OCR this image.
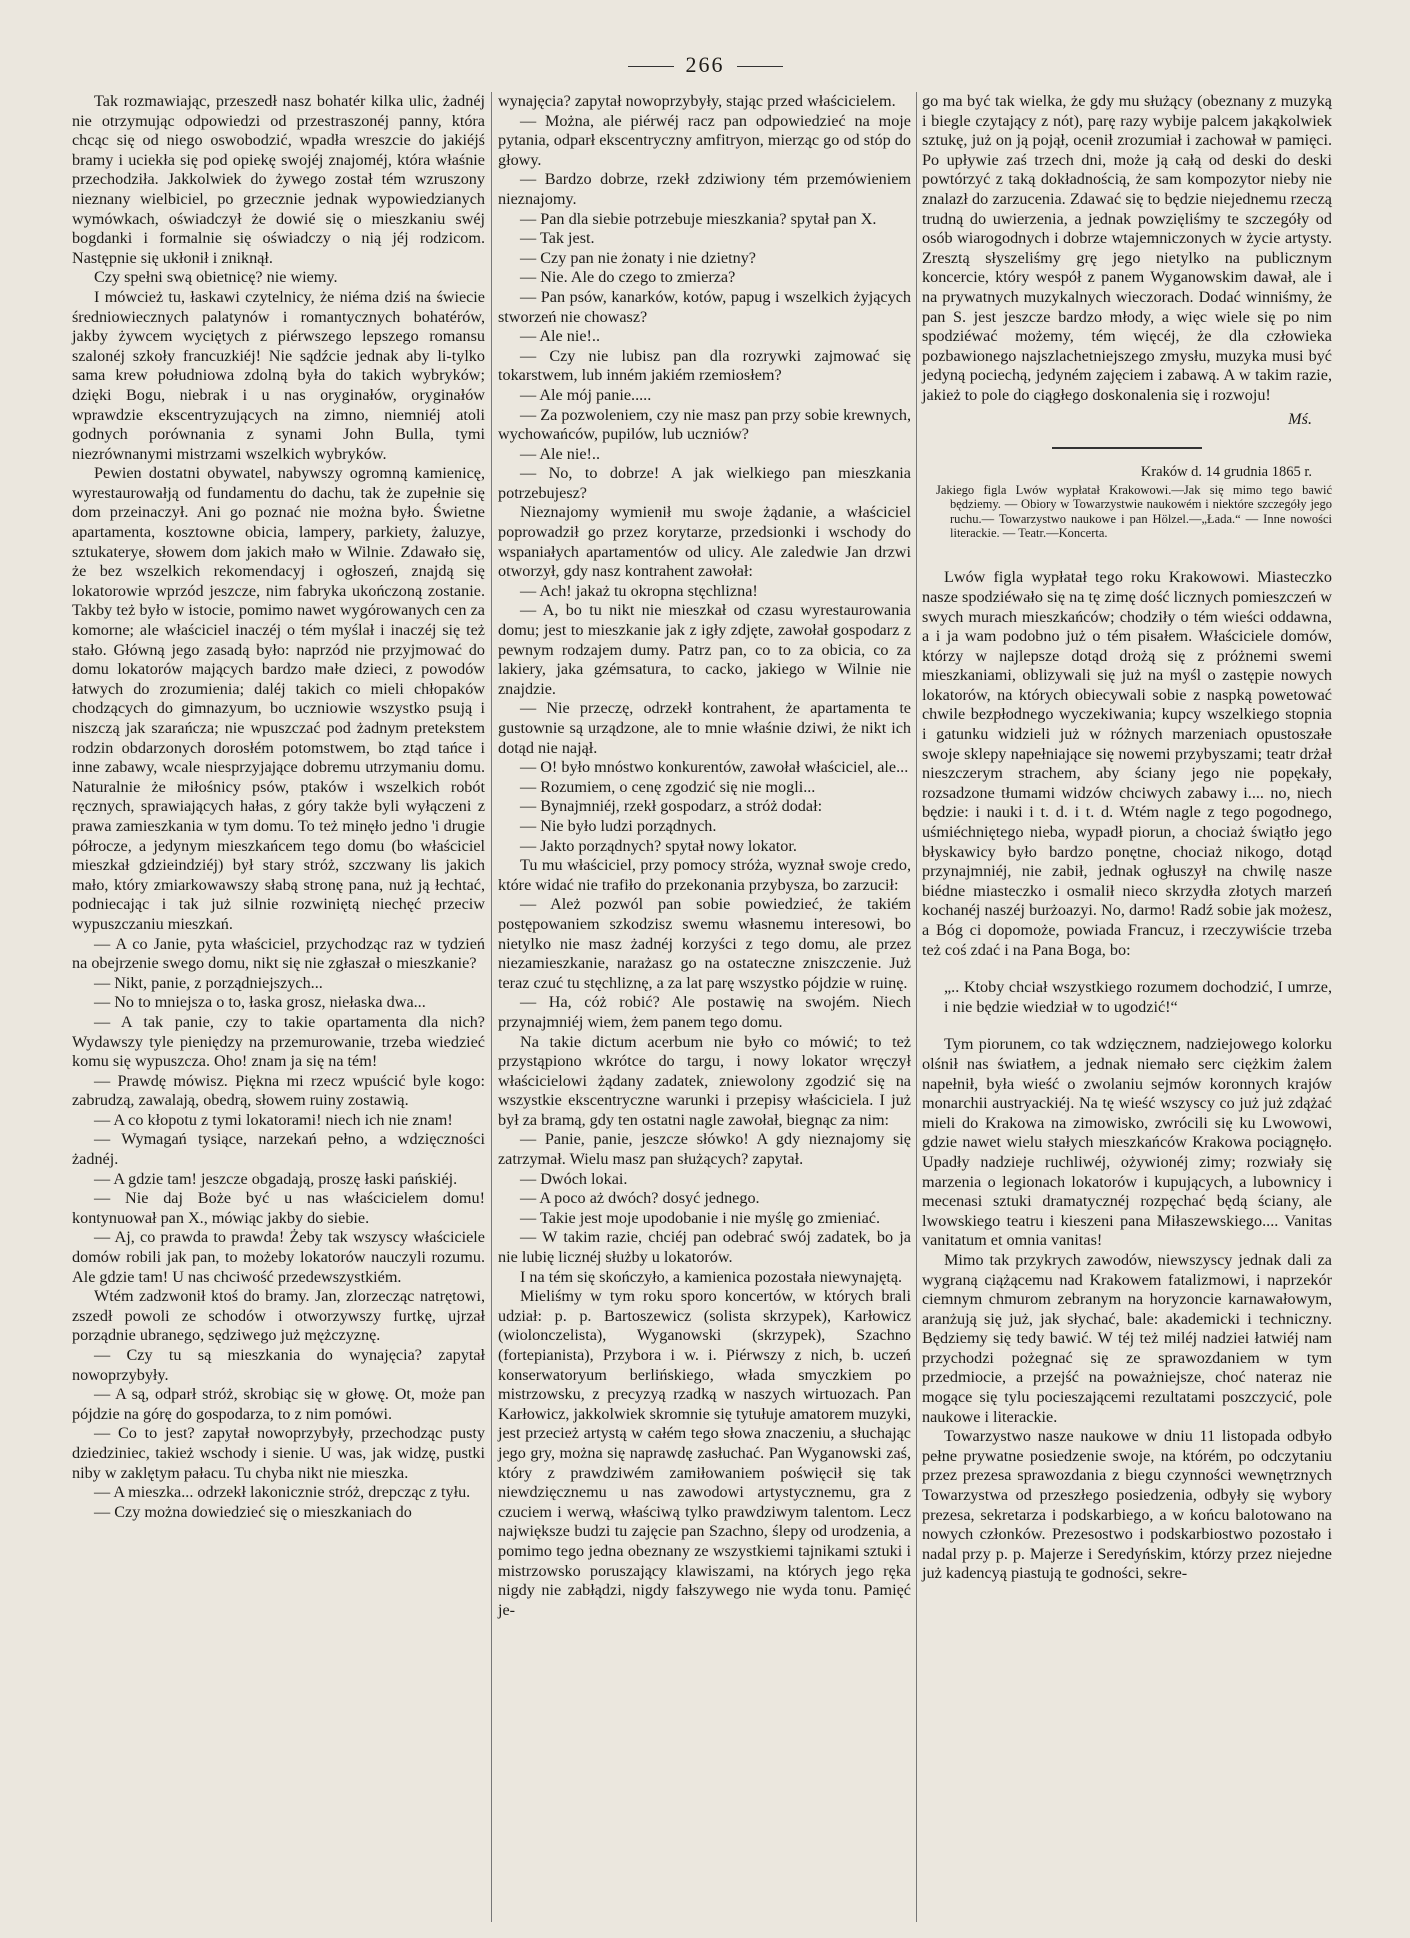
266

Tak rozmawiając, przeszedł nasz bohatér kilka ulic, żadnéj nie otrzymując odpowiedzi od przestraszonéj panny, która chcąc się od niego oswobodzić, wpadła wreszcie do jakiéjś bramy i uciekła się pod opiekę swojéj znajoméj, która właśnie przechodziła. Jakkolwiek do żywego został tém wzruszony nieznany wielbiciel, po grzecznie jednak wypowiedzianych wymówkach, oświadczył że dowié się o mieszkaniu swéj bogdanki i formalnie się oświadczy o nią jéj rodzicom. Następnie się ukłonił i zniknął.

Czy spełni swą obietnicę? nie wiemy.

I mówcież tu, łaskawi czytelnicy, że niéma dziś na świecie średniowiecznych palatynów i romantycznych bohatérów, jakby żywcem wyciętych z piérwszego lepszego romansu szalonéj szkoły francuzkiéj! Nie sądźcie jednak aby li-tylko sama krew południowa zdolną była do takich wybryków; dzięki Bogu, niebrak i u nas oryginałów, oryginałów wprawdzie ekscentryzujących na zimno, niemniéj atoli godnych porównania z synami John Bulla, tymi niezrównanymi mistrzami wszelkich wybryków.

Pewien dostatni obywatel, nabywszy ogromną kamienicę, wyrestaurowałją od fundamentu do dachu, tak że zupełnie się dom przeinaczył. Ani go poznać nie można było. Świetne apartamenta, kosztowne obicia, lampery, parkiety, żaluzye, sztukaterye, słowem dom jakich mało w Wilnie. Zdawało się, że bez wszelkich rekomendacyj i ogłoszeń, znajdą się lokatorowie wprzód jeszcze, nim fabryka ukończoną zostanie. Takby też było w istocie, pomimo nawet wygórowanych cen za komorne; ale właściciel inaczéj o tém myślał i inaczéj się też stało. Główną jego zasadą było: naprzód nie przyjmować do domu lokatorów mających bardzo małe dzieci, z powodów łatwych do zrozumienia; daléj takich co mieli chłopaków chodzących do gimnazyum, bo uczniowie wszystko psują i niszczą jak szarańcza; nie wpuszczać pod żadnym pretekstem rodzin obdarzonych dorosłém potomstwem, bo ztąd tańce i inne zabawy, wcale niesprzyjające dobremu utrzymaniu domu. Naturalnie że miłośnicy psów, ptaków i wszelkich robót ręcznych, sprawiających hałas, z góry także byli wyłączeni z prawa zamieszkania w tym domu. To też minęło jedno 'i drugie półrocze, a jedynym mieszkańcem tego domu (bo właściciel mieszkał gdzieindziéj) był stary stróż, szczwany lis jakich mało, który zmiarkowawszy słabą stronę pana, nuż ją łechtać, podniecając i tak już silnie rozwiniętą niechęć przeciw wypuszczaniu mieszkań.

— A co Janie, pyta właściciel, przychodząc raz w tydzień na obejrzenie swego domu, nikt się nie zgłaszał o mieszkanie?

— Nikt, panie, z porządniejszych...

— No to mniejsza o to, łaska grosz, niełaska dwa...

— A tak panie, czy to takie opartamenta dla nich? Wydawszy tyle pieniędzy na przemurowanie, trzeba wiedzieć komu się wypuszcza. Oho! znam ja się na tém!

— Prawdę mówisz. Piękna mi rzecz wpuścić byle kogo: zabrudzą, zawalają, obedrą, słowem ruiny zostawią.

— A co kłopotu z tymi lokatorami! niech ich nie znam!

— Wymagań tysiące, narzekań pełno, a wdzięczności żadnéj.

— A gdzie tam! jeszcze obgadają, proszę łaski pańskiéj.

— Nie daj Boże być u nas właścicielem domu! kontynuował pan X., mówiąc jakby do siebie.

— Aj, co prawda to prawda! Żeby tak wszyscy właściciele domów robili jak pan, to możeby lokatorów nauczyli rozumu. Ale gdzie tam! U nas chciwość przedewszystkiém.

Wtém zadzwonił ktoś do bramy. Jan, zlorzecząc natrętowi, zszedł powoli ze schodów i otworzywszy furtkę, ujrzał porządnie ubranego, sędziwego już mężczyznę.

— Czy tu są mieszkania do wynajęcia? zapytał nowoprzybyły.

— A są, odparł stróż, skrobiąc się w głowę. Ot, może pan pójdzie na górę do gospodarza, to z nim pomówi.

— Co to jest? zapytał nowoprzybyły, przechodząc pusty dziedziniec, takież wschody i sienie. U was, jak widzę, pustki niby w zaklętym pałacu. Tu chyba nikt nie mieszka.

— A mieszka... odrzekł lakonicznie stróż, drepcząc z tyłu.

— Czy można dowiedzieć się o mieszkaniach do

wynajęcia? zapytał nowoprzybyły, stając przed właścicielem.

— Można, ale piérwéj racz pan odpowiedzieć na moje pytania, odparł ekscentryczny amfitryon, mierząc go od stóp do głowy.

— Bardzo dobrze, rzekł zdziwiony tém przemówieniem nieznajomy.

— Pan dla siebie potrzebuje mieszkania? spytał pan X.

— Tak jest.

— Czy pan nie żonaty i nie dzietny?

— Nie. Ale do czego to zmierza?

— Pan psów, kanarków, kotów, papug i wszelkich żyjących stworzeń nie chowasz?

— Ale nie!..

— Czy nie lubisz pan dla rozrywki zajmować się tokarstwem, lub inném jakiém rzemiosłem?

— Ale mój panie.....

— Za pozwoleniem, czy nie masz pan przy sobie krewnych, wychowańców, pupilów, lub uczniów?

— Ale nie!..

— No, to dobrze! A jak wielkiego pan mieszkania potrzebujesz?

Nieznajomy wymienił mu swoje żądanie, a właściciel poprowadził go przez korytarze, przedsionki i wschody do wspaniałych apartamentów od ulicy. Ale zaledwie Jan drzwi otworzył, gdy nasz kontrahent zawołał:

— Ach! jakaż tu okropna stęchlizna!

— A, bo tu nikt nie mieszkał od czasu wyrestaurowania domu; jest to mieszkanie jak z igły zdjęte, zawołał gospodarz z pewnym rodzajem dumy. Patrz pan, co to za obicia, co za lakiery, jaka gzémsatura, to cacko, jakiego w Wilnie nie znajdzie.

— Nie przeczę, odrzekł kontrahent, że apartamenta te gustownie są urządzone, ale to mnie właśnie dziwi, że nikt ich dotąd nie najął.

— O! było mnóstwo konkurentów, zawołał właściciel, ale...

— Rozumiem, o cenę zgodzić się nie mogli...

— Bynajmniéj, rzekł gospodarz, a stróż dodał:

— Nie było ludzi porządnych.

— Jakto porządnych? spytał nowy lokator.

Tu mu właściciel, przy pomocy stróża, wyznał swoje credo, które widać nie trafiło do przekonania przybysza, bo zarzucił:

— Ależ pozwól pan sobie powiedzieć, że takiém postępowaniem szkodzisz swemu własnemu interesowi, bo nietylko nie masz żadnéj korzyści z tego domu, ale przez niezamieszkanie, narażasz go na ostateczne zniszczenie. Już teraz czuć tu stęchliznę, a za lat parę wszystko pójdzie w ruinę.

— Ha, cóż robić? Ale postawię na swojém. Niech przynajmniéj wiem, żem panem tego domu.

Na takie dictum acerbum nie było co mówić; to też przystąpiono wkrótce do targu, i nowy lokator wręczył właścicielowi żądany zadatek, zniewolony zgodzić się na wszystkie ekscentryczne warunki i przepisy właściciela. I już był za bramą, gdy ten ostatni nagle zawołał, biegnąc za nim:

— Panie, panie, jeszcze słówko! A gdy nieznajomy się zatrzymał. Wielu masz pan służących? zapytał.

— Dwóch lokai.

— A poco aż dwóch? dosyć jednego.

— Takie jest moje upodobanie i nie myślę go zmieniać.

— W takim razie, chciéj pan odebrać swój zadatek, bo ja nie lubię licznéj służby u lokatorów.

I na tém się skończyło, a kamienica pozostała niewynajętą.

Mieliśmy w tym roku sporo koncertów, w których brali udział: p. p. Bartoszewicz (solista skrzypek), Karłowicz (wiolonczelista), Wyganowski (skrzypek), Szachno (fortepianista), Przybora i w. i. Piérwszy z nich, b. uczeń konserwatoryum berlińskiego, włada smyczkiem po mistrzowsku, z precyzyą rzadką w naszych wirtuozach. Pan Karłowicz, jakkolwiek skromnie się tytułuje amatorem muzyki, jest przecież artystą w całém tego słowa znaczeniu, a słuchając jego gry, można się naprawdę zasłuchać. Pan Wyganowski zaś, który z prawdziwém zamiłowaniem poświęcił się tak niewdzięcznemu u nas zawodowi artystycznemu, gra z czuciem i werwą, właściwą tylko prawdziwym talentom. Lecz największe budzi tu zajęcie pan Szachno, ślepy od urodzenia, a pomimo tego jedna obeznany ze wszystkiemi tajnikami sztuki i mistrzowsko poruszający klawiszami, na których jego ręka nigdy nie zabłądzi, nigdy fałszywego nie wyda tonu. Pamięć je-

go ma być tak wielka, że gdy mu służący (obeznany z muzyką i biegle czytający z nót), parę razy wybije palcem jakąkolwiek sztukę, już on ją pojął, ocenił zrozumiał i zachował w pamięci. Po upływie zaś trzech dni, może ją całą od deski do deski powtórzyć z taką dokładnością, że sam kompozytor nieby nie znalazł do zarzucenia. Zdawać się to będzie niejednemu rzeczą trudną do uwierzenia, a jednak powzięliśmy te szczegóły od osób wiarogodnych i dobrze wtajemniczonych w życie artysty. Zresztą słyszeliśmy grę jego nietylko na publicznym koncercie, który wespół z panem Wyganowskim dawał, ale i na prywatnych muzykalnych wieczorach. Dodać winniśmy, że pan S. jest jeszcze bardzo młody, a więc wiele się po nim spodziéwać możemy, tém więcéj, że dla człowieka pozbawionego najszlachetniejszego zmysłu, muzyka musi być jedyną pociechą, jedyném zajęciem i zabawą. A w takim razie, jakież to pole do ciągłego doskonalenia się i rozwoju!

Mś.
Kraków d. 14 grudnia 1865 r.

Jakiego figla Lwów wypłatał Krakowowi.—Jak się mimo tego bawić będziemy. — Obiory w Towarzystwie naukowém i niektóre szczegóły jego ruchu.— Towarzystwo naukowe i pan Hölzel.—„Łada.“ — Inne nowości literackie. — Teatr.—Koncerta.

Lwów figla wypłatał tego roku Krakowowi. Miasteczko nasze spodziéwało się na tę zimę dość licznych pomieszczeń w swych murach mieszkańców; chodziły o tém wieści oddawna, a i ja wam podobno już o tém pisałem. Właściciele domów, którzy w najlepsze dotąd drożą się z próżnemi swemi mieszkaniami, oblizywali się już na myśl o zastępie nowych lokatorów, na których obiecywali sobie z naspką powetować chwile bezpłodnego wyczekiwania; kupcy wszelkiego stopnia i gatunku widzieli już w różnych marzeniach opustoszałe swoje sklepy napełniające się nowemi przybyszami; teatr drżał nieszczerym strachem, aby ściany jego nie popękały, rozsadzone tłumami widzów chciwych zabawy i.... no, niech będzie: i nauki i t. d. i t. d. Wtém nagle z tego pogodnego, uśmiéchniętego nieba, wypadł piorun, a chociaż świątło jego błyskawicy było bardzo ponętne, chociaż nikogo, dotąd przynajmniéj, nie zabił, jednak ogłuszył na chwilę nasze biédne miasteczko i osmalił nieco skrzydła złotych marzeń kochanéj naszéj burżoazyi. No, darmo! Radź sobie jak możesz, a Bóg ci dopomoże, powiada Francuz, i rzeczywiście trzeba też coś zdać i na Pana Boga, bo:

„.. Ktoby chciał wszystkiego rozumem dochodzić, I umrze, i nie będzie wiedział w to ugodzić!“

Tym piorunem, co tak wdzięcznem, nadziejowego kolorku olśnił nas światłem, a jednak niemało serc ciężkim żalem napełnił, była wieść o zwolaniu sejmów koronnych krajów monarchii austryackiéj. Na tę wieść wszyscy co już już zdążać mieli do Krakowa na zimowisko, zwrócili się ku Lwowowi, gdzie nawet wielu stałych mieszkańców Krakowa pociągnęło. Upadły nadzieje ruchliwéj, ożywionéj zimy; rozwiały się marzenia o legionach lokatorów i kupujących, a lubownicy i mecenasi sztuki dramatycznéj rozpęchać będą ściany, ale lwowskiego teatru i kieszeni pana Miłaszewskiego.... Vanitas vanitatum et omnia vanitas!

Mimo tak przykrych zawodów, niewszyscy jednak dali za wygraną ciążącemu nad Krakowem fatalizmowi, i naprzekór ciemnym chmurom zebranym na horyzoncie karnawałowym, aranżują się już, jak słychać, bale: akademicki i techniczny. Będziemy się tedy bawić. W téj też miléj nadziei łatwiéj nam przychodzi pożegnać się ze sprawozdaniem w tym przedmiocie, a przejść na poważniejsze, choć nateraz nie mogące się tylu pocieszającemi rezultatami poszczycić, pole naukowe i literackie.

Towarzystwo nasze naukowe w dniu 11 listopada odbyło pełne prywatne posiedzenie swoje, na którém, po odczytaniu przez prezesa sprawozdania z biegu czynności wewnętrznych Towarzystwa od przeszłego posiedzenia, odbyły się wybory prezesa, sekretarza i podskarbiego, a w końcu balotowano na nowych członków. Prezesostwo i podskarbiostwo pozostało i nadal przy p. p. Majerze i Seredyńskim, którzy przez niejedne już kadencyą piastują te godności, sekre-
